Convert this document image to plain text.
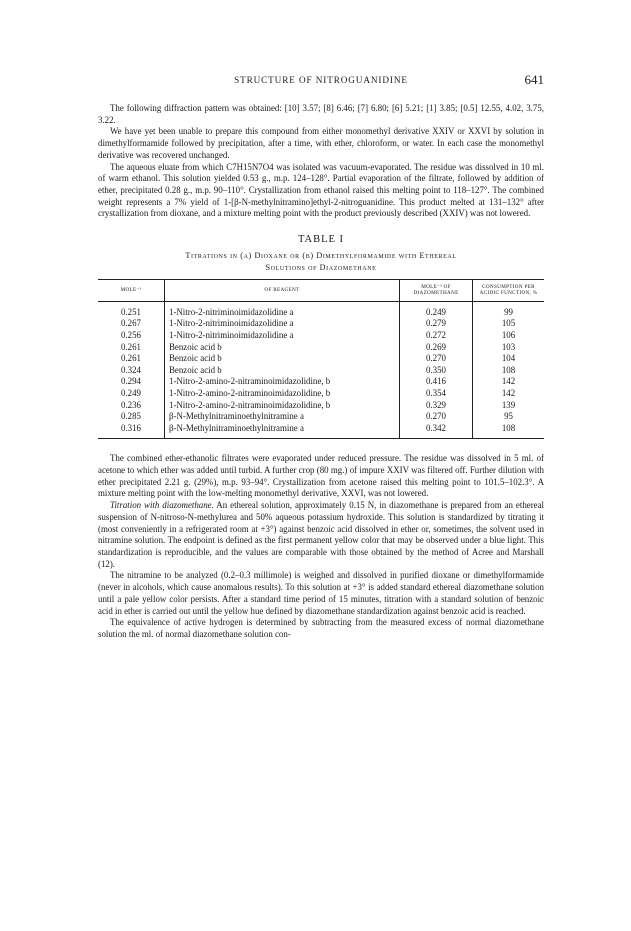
STRUCTURE OF NITROGUANIDINE	641

The following diffraction pattern was obtained: [10] 3.57; [8] 6.46; [7] 6.80; [6] 5.21; [1] 3.85; [0.5] 12.55, 4.02, 3.75, 3.22.

We have yet been unable to prepare this compound from either monomethyl derivative XXIV or XXVI by solution in dimethylformamide followed by precipitation, after a time, with ether, chloroform, or water. In each case the monomethyl derivative was recovered unchanged.

The aqueous eluate from which C7H15N7O4 was isolated was vacuum-evaporated. The residue was dissolved in 10 ml. of warm ethanol. This solution yielded 0.53 g., m.p. 124–128°. Partial evaporation of the filtrate, followed by addition of ether, precipitated 0.28 g., m.p. 90–110°. Crystallization from ethanol raised this melting point to 118–127°. The combined weight represents a 7% yield of 1-[β-N-methylnitramino]ethyl-2-nitroguanidine. This product melted at 131–132° after crystallization from dioxane, and a mixture melting point with the product previously described (XXIV) was not lowered.

TABLE I
Titrations in (a) Dioxane or (b) Dimethylformamide with Ethereal
Solutions of Diazomethane
MOLE⁻³	OF REAGENT	MOLE⁻³ OF DIAZOMETHANE	CONSUMPTION PER ACIDIC FUNCTION, %
0.251	1-Nitro-2-nitriminoimidazolidine a	0.249	99
0.267	1-Nitro-2-nitriminoimidazolidine a	0.279	105
0.256	1-Nitro-2-nitriminoimidazolidine a	0.272	106
0.261	Benzoic acid b	0.269	103
0.261	Benzoic acid b	0.270	104
0.324	Benzoic acid b	0.350	108
0.294	1-Nitro-2-amino-2-nitraminoimidazolidine, b	0.416	142
0.249	1-Nitro-2-amino-2-nitraminoimidazolidine, b	0.354	142
0.236	1-Nitro-2-amino-2-nitraminoimidazolidine, b	0.329	139
0.285	β-N-Methylnitraminoethylnitramine a	0.270	95
0.316	β-N-Methylnitraminoethylnitramine a	0.342	108

The combined ether-ethanolic filtrates were evaporated under reduced pressure. The residue was dissolved in 5 ml. of acetone to which ether was added until turbid. A further crop (80 mg.) of impure XXIV was filtered off. Further dilution with ether precipitated 2.21 g. (29%), m.p. 93–94°. Crystallization from acetone raised this melting point to 101.5–102.3°. A mixture melting point with the low-melting monomethyl derivative, XXVI, was not lowered.

Titration with diazomethane. An ethereal solution, approximately 0.15 N, in diazomethane is prepared from an ethereal suspension of N-nitroso-N-methylurea and 50% aqueous potassium hydroxide. This solution is standardized by titrating it (most conveniently in a refrigerated room at +3°) against benzoic acid dissolved in ether or, sometimes, the solvent used in nitramine solution. The endpoint is defined as the first permanent yellow color that may be observed under a blue light. This standardization is reproducible, and the values are comparable with those obtained by the method of Acree and Marshall (12).

The nitramine to be analyzed (0.2–0.3 millimole) is weighed and dissolved in purified dioxane or dimethylformamide (never in alcohols, which cause anomalous results). To this solution at +3° is added standard ethereal diazomethane solution until a pale yellow color persists. After a standard time period of 15 minutes, titration with a standard solution of benzoic acid in ether is carried out until the yellow hue defined by diazomethane standardization against benzoic acid is reached.

The equivalence of active hydrogen is determined by subtracting from the measured excess of normal diazomethane solution the ml. of normal diazomethane solution con-
